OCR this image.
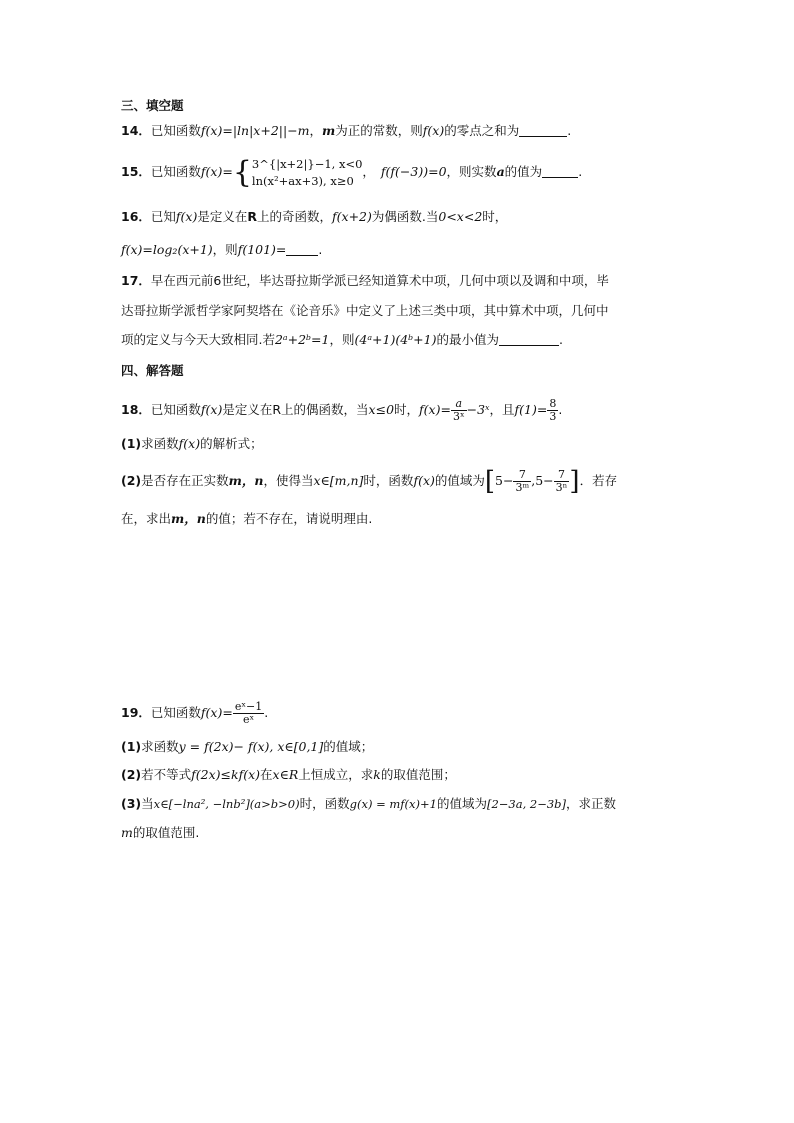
三、填空题
14．已知函数f(x)=|ln|x+2||−m，m为正的常数，则f(x)的零点之和为	.
15．已知函数f(x)={ 3^{|x+2|}−1, x<0
ln(x²+ax+3), x≥0
， f(f(−3))=0，则实数a的值为	.
16．已知f(x)是定义在R上的奇函数，f(x+2)为偶函数.当0<x<2时，
f(x)=log₂(x+1)，则f(101)=	.
17．早在西元前6世纪，毕达哥拉斯学派已经知道算术中项，几何中项以及调和中项，毕
达哥拉斯学派哲学家阿契塔在《论音乐》中定义了上述三类中项，其中算术中项，几何中
项的定义与今天大致相同.若2ᵃ+2ᵇ=1，则(4ᵃ+1)(4ᵇ+1)的最小值为	.
四、解答题
18．已知函数f(x)是定义在R上的偶函数，当x≤0时，$f(x)= \frac{a}{\text{3ˣ}}$ −3ˣ，且$f(1)= \frac{8}{3}$ .
(1)求函数f(x)的解析式；
(2)是否存在正实数m，n，使得当x∈[m,n]时，函数f(x)的值域为[$5- \frac{7}{\text{3ᵐ}} ,5- \frac{7}{\text{3ⁿ}}$ ]．若存
在，求出m，n的值；若不存在，请说明理由.
19．已知函数$f(x)= \frac{\text{eˣ−1}}{\text{eˣ}}$ .
(1)求函数y = f(2x)− f(x), x∈[0,1]的值域；
(2)若不等式f(2x)≤kf(x)在x∈R上恒成立，求k的取值范围；
(3)当x∈[−lna², −lnb²](a>b>0)时，函数g(x) = mf(x)+1的值域为[2−3a, 2−3b]，求正数
m的取值范围.
